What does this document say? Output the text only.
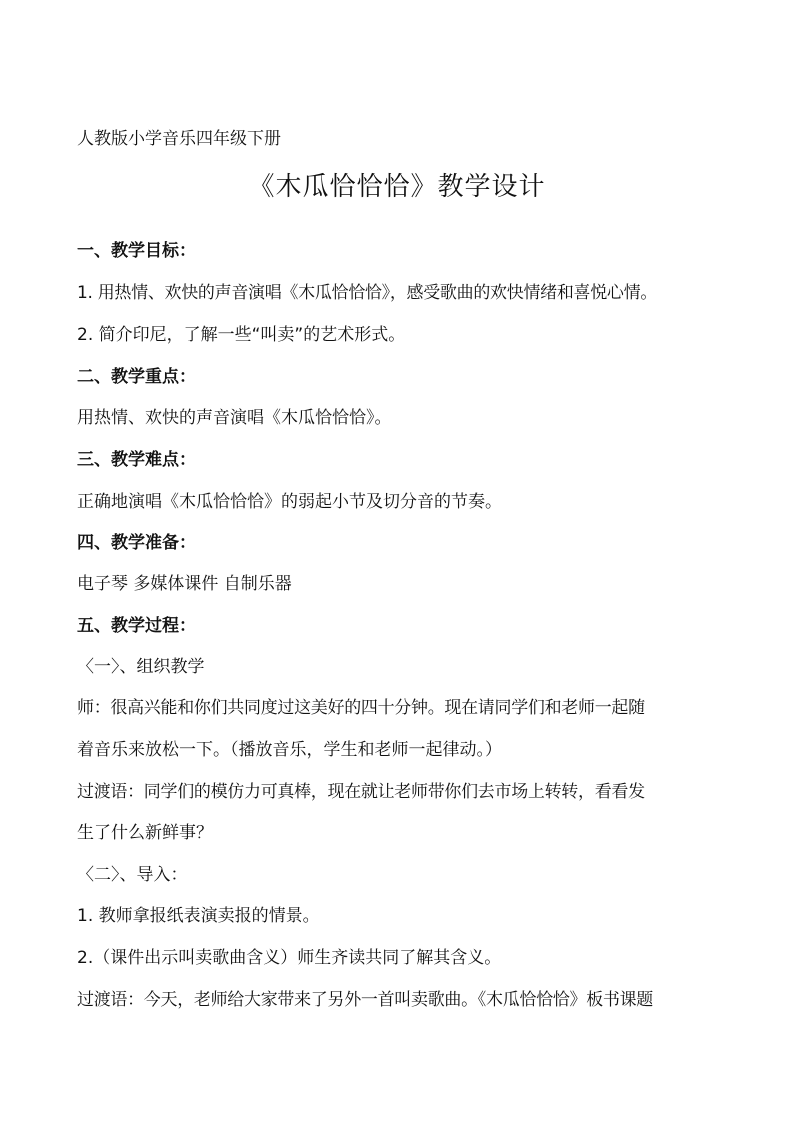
人教版小学音乐四年级下册
《木瓜恰恰恰》教学设计
一、教学目标：
1. 用热情、欢快的声音演唱《木瓜恰恰恰》，感受歌曲的欢快情绪和喜悦心情。
2. 简介印尼，了解一些“叫卖”的艺术形式。
二、教学重点：
用热情、欢快的声音演唱《木瓜恰恰恰》。
三、教学难点：
正确地演唱《木瓜恰恰恰》的弱起小节及切分音的节奏。
四、教学准备：
电子琴 多媒体课件 自制乐器
五、教学过程：
〈一〉、组织教学
师：很高兴能和你们共同度过这美好的四十分钟。现在请同学们和老师一起随
着音乐来放松一下。（播放音乐，学生和老师一起律动。）
过渡语：同学们的模仿力可真棒，现在就让老师带你们去市场上转转，看看发
生了什么新鲜事？
〈二〉、导入：
1. 教师拿报纸表演卖报的情景。
2.（课件出示叫卖歌曲含义）师生齐读共同了解其含义。
过渡语：今天，老师给大家带来了另外一首叫卖歌曲。《木瓜恰恰恰》板书课题
